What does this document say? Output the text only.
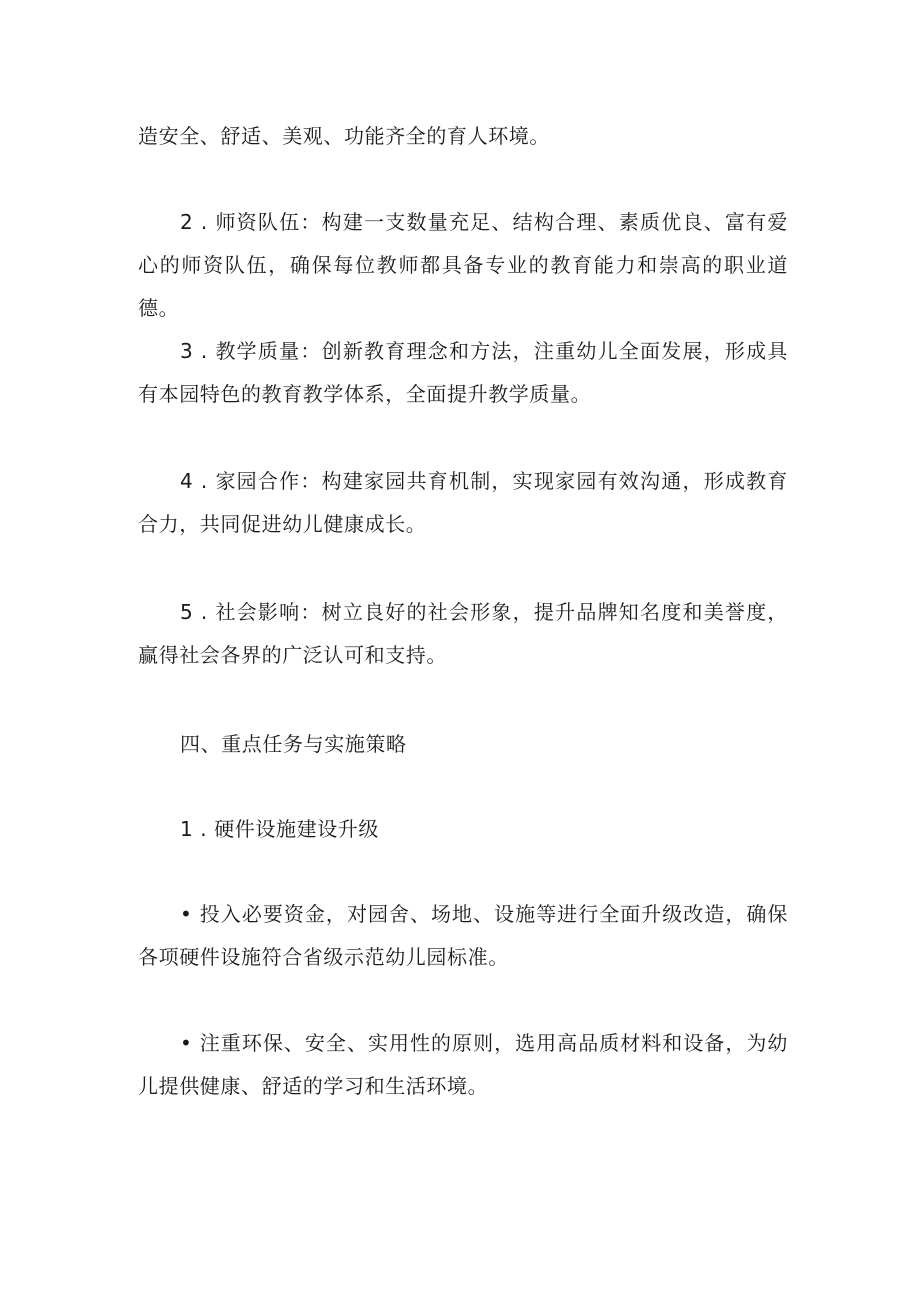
造安全、舒适、美观、功能齐全的育人环境。

2 . 师资队伍：构建一支数量充足、结构合理、素质优良、富有爱心的师资队伍，确保每位教师都具备专业的教育能力和崇高的职业道德。

3 . 教学质量：创新教育理念和方法，注重幼儿全面发展，形成具有本园特色的教育教学体系，全面提升教学质量。

4 . 家园合作：构建家园共育机制，实现家园有效沟通，形成教育合力，共同促进幼儿健康成长。

5 . 社会影响：树立良好的社会形象，提升品牌知名度和美誉度，赢得社会各界的广泛认可和支持。

四、重点任务与实施策略

1 . 硬件设施建设升级

• 投入必要资金，对园舍、场地、设施等进行全面升级改造，确保各项硬件设施符合省级示范幼儿园标准。

• 注重环保、安全、实用性的原则，选用高品质材料和设备，为幼儿提供健康、舒适的学习和生活环境。
